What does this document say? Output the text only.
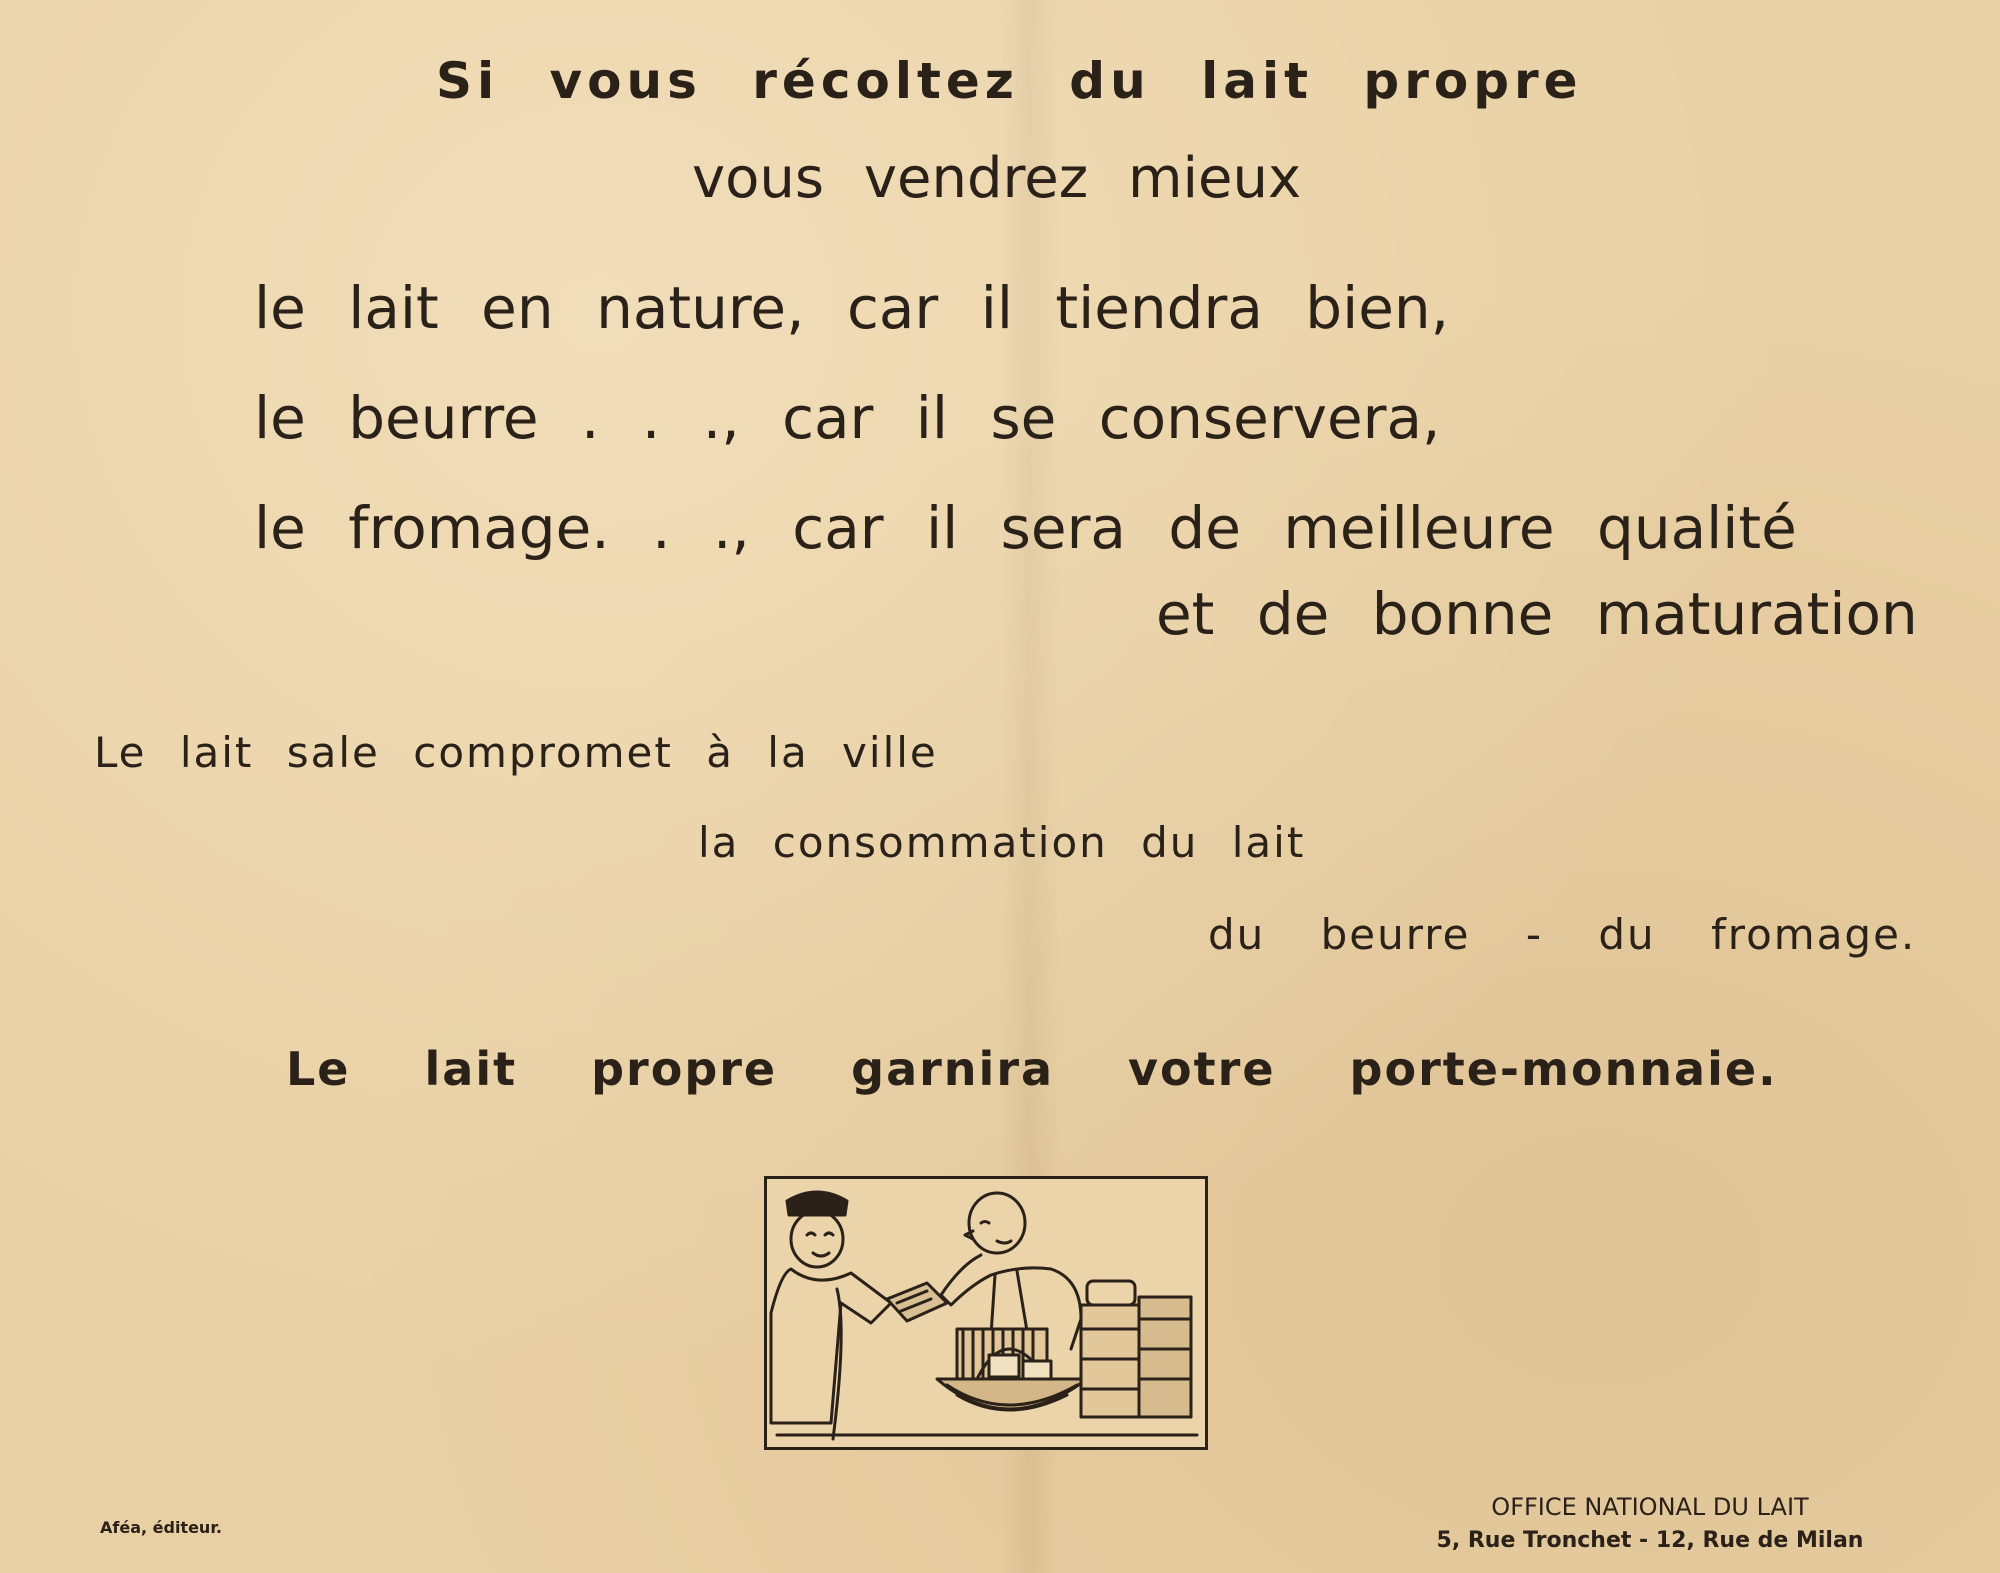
Si vous récoltez du lait propre

vous vendrez mieux

le lait en nature, car il tiendra bien,

le beurre . . ., car il se conservera,

le fromage. . ., car il sera de meilleure qualité

et de bonne maturation

Le lait sale compromet à la ville

la consommation du lait

du beurre - du fromage.

Le lait propre garnira votre porte-monnaie.

Aféa, éditeur.

OFFICE NATIONAL DU LAIT
5, Rue Tronchet - 12, Rue de Milan
